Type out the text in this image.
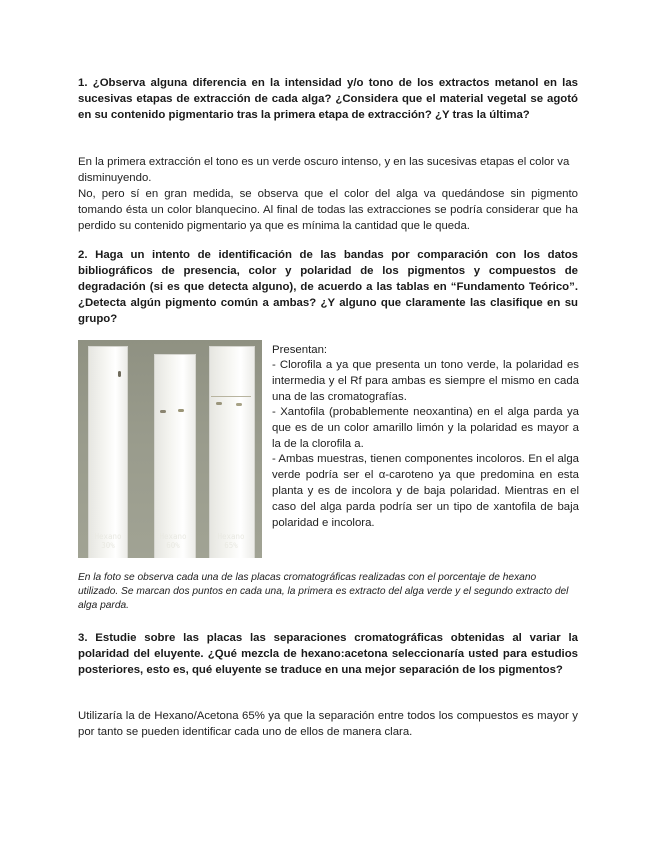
1. ¿Observa alguna diferencia en la intensidad y/o tono de los extractos metanol en las sucesivas etapas de extracción de cada alga? ¿Considera que el material vegetal se agotó en su contenido pigmentario tras la primera etapa de extracción? ¿Y tras la última?

En la primera extracción el tono es un verde oscuro intenso, y en las sucesivas etapas el color va disminuyendo.

No, pero sí en gran medida, se observa que el color del alga va quedándose sin pigmento tomando ésta un color blanquecino. Al final de todas las extracciones se podría considerar que ha perdido su contenido pigmentario ya que es mínima la cantidad que le queda.

2. Haga un intento de identificación de las bandas por comparación con los datos bibliográficos de presencia, color y polaridad de los pigmentos y compuestos de degradación (si es que detecta alguno), de acuerdo a las tablas en “Fundamento Teórico”. ¿Detecta algún pigmento común a ambas? ¿Y alguno que claramente las clasifique en su grupo?

Hexano
30%
Hexano
60%
Hexano
65%

Presentan:

- Clorofila a ya que presenta un tono verde, la polaridad es intermedia y el Rf para ambas es siempre el mismo en cada una de las cromatografías.

- Xantofila (probablemente neoxantina) en el alga parda ya que es de un color amarillo limón y la polaridad es mayor a la de la clorofila a.

- Ambas muestras, tienen componentes incoloros. En el alga verde podría ser el α-caroteno ya que predomina en esta planta y es de incolora y de baja polaridad. Mientras en el caso del alga parda podría ser un tipo de xantofila de baja polaridad e incolora.

En la foto se observa cada una de las placas cromatográficas realizadas con el porcentaje de hexano utilizado. Se marcan dos puntos en cada una, la primera es extracto del alga verde y el segundo extracto del alga parda.

3. Estudie sobre las placas las separaciones cromatográficas obtenidas al variar la polaridad del eluyente. ¿Qué mezcla de hexano:acetona seleccionaría usted para estudios posteriores, esto es, qué eluyente se traduce en una mejor separación de los pigmentos?

Utilizaría la de Hexano/Acetona 65% ya que la separación entre todos los compuestos es mayor y por tanto se pueden identificar cada uno de ellos de manera clara.
